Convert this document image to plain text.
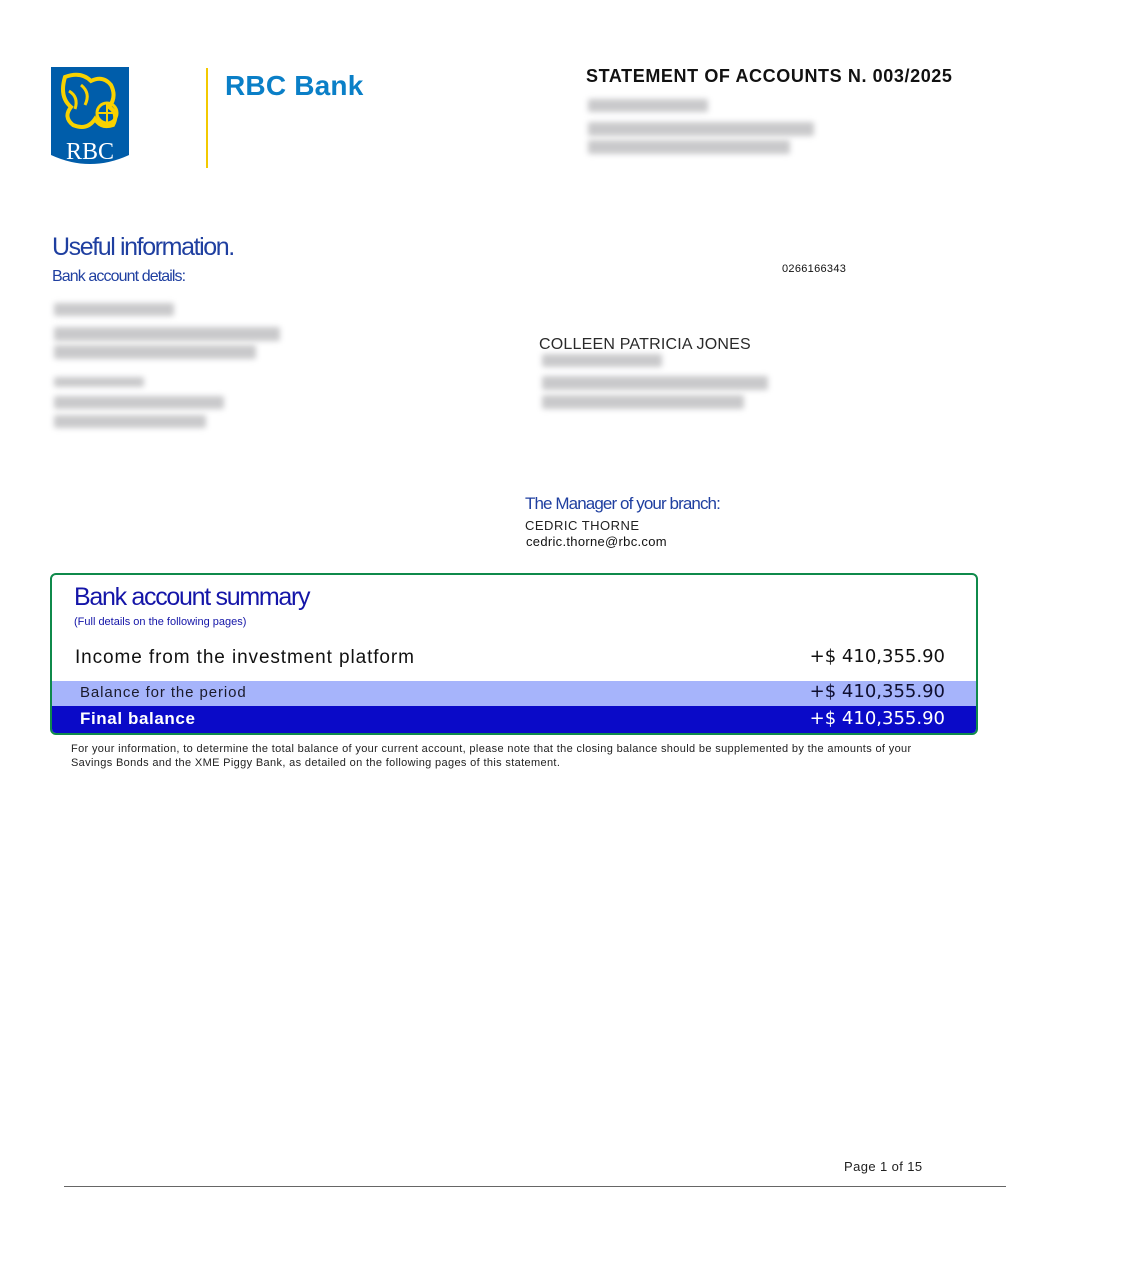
RBC
RBC Bank	STATEMENT OF ACCOUNTS N. 003/2025
Useful information.
Bank account details:	0266166343
COLLEEN PATRICIA JONES
The Manager of your branch:
CEDRIC THORNE
cedric.thorne@rbc.com
Bank account summary
(Full details on the following pages)
Income from the investment platform	+$ 410,355.90
Balance for the period	+$ 410,355.90
Final balance	+$ 410,355.90
For your information, to determine the total balance of your current account, please note that the closing balance should be supplemented by the amounts of your Savings Bonds and the XME Piggy Bank, as detailed on the following pages of this statement.
Page 1 of 15
